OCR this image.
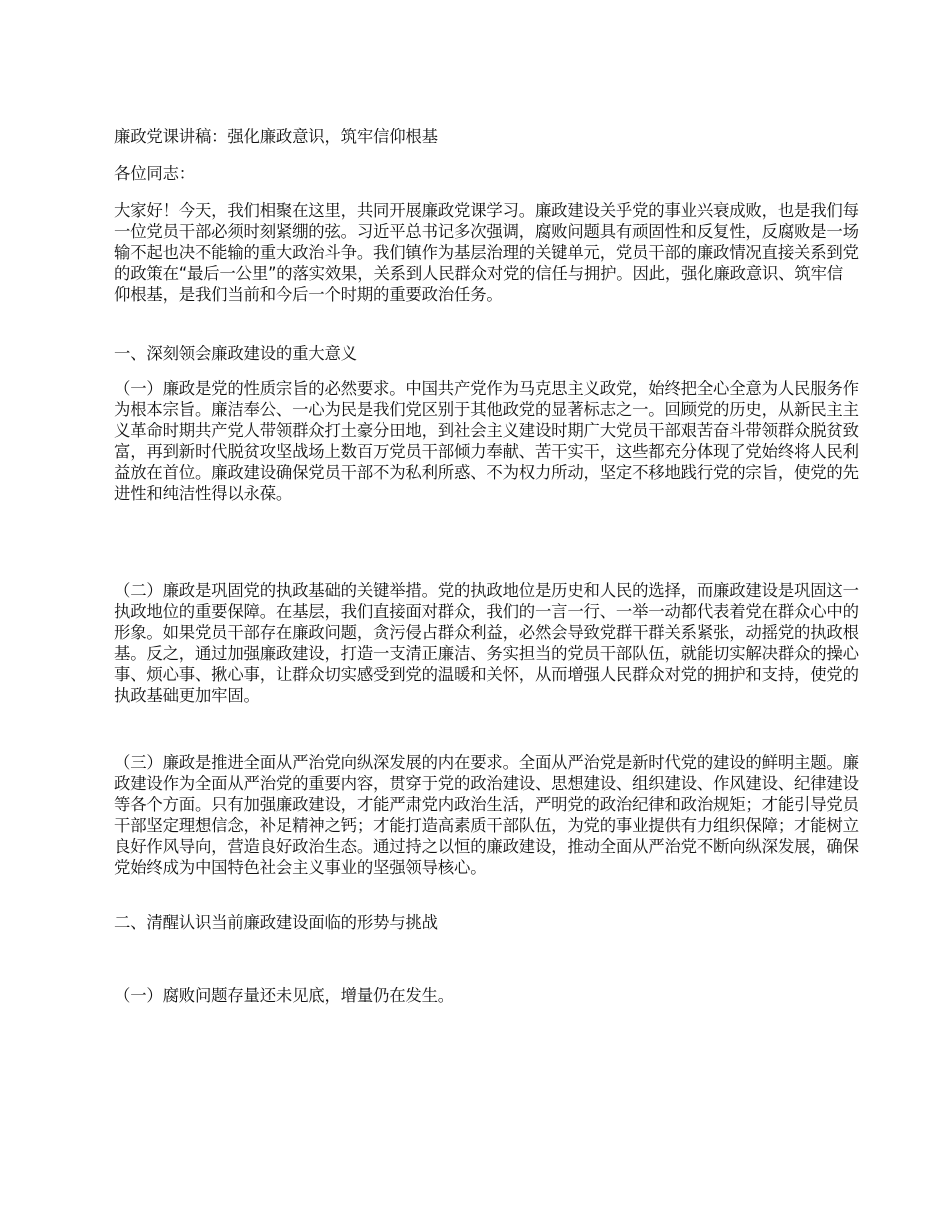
廉政党课讲稿：强化廉政意识，筑牢信仰根基

各位同志：

大家好！今天，我们相聚在这里，共同开展廉政党课学习。廉政建设关乎党的事业兴衰成败，也是我们每一位党员干部必须时刻紧绷的弦。习近平总书记多次强调，腐败问题具有顽固性和反复性，反腐败是一场输不起也决不能输的重大政治斗争。我们镇作为基层治理的关键单元，党员干部的廉政情况直接关系到党的政策在“最后一公里”的落实效果，关系到人民群众对党的信任与拥护。因此，强化廉政意识、筑牢信仰根基，是我们当前和今后一个时期的重要政治任务。

一、深刻领会廉政建设的重大意义

（一）廉政是党的性质宗旨的必然要求。中国共产党作为马克思主义政党，始终把全心全意为人民服务作为根本宗旨。廉洁奉公、一心为民是我们党区别于其他政党的显著标志之一。回顾党的历史，从新民主主义革命时期共产党人带领群众打土豪分田地，到社会主义建设时期广大党员干部艰苦奋斗带领群众脱贫致富，再到新时代脱贫攻坚战场上数百万党员干部倾力奉献、苦干实干，这些都充分体现了党始终将人民利益放在首位。廉政建设确保党员干部不为私利所惑、不为权力所动，坚定不移地践行党的宗旨，使党的先进性和纯洁性得以永葆。

（二）廉政是巩固党的执政基础的关键举措。党的执政地位是历史和人民的选择，而廉政建设是巩固这一执政地位的重要保障。在基层，我们直接面对群众，我们的一言一行、一举一动都代表着党在群众心中的形象。如果党员干部存在廉政问题，贪污侵占群众利益，必然会导致党群干群关系紧张，动摇党的执政根基。反之，通过加强廉政建设，打造一支清正廉洁、务实担当的党员干部队伍，就能切实解决群众的操心事、烦心事、揪心事，让群众切实感受到党的温暖和关怀，从而增强人民群众对党的拥护和支持，使党的执政基础更加牢固。

（三）廉政是推进全面从严治党向纵深发展的内在要求。全面从严治党是新时代党的建设的鲜明主题。廉政建设作为全面从严治党的重要内容，贯穿于党的政治建设、思想建设、组织建设、作风建设、纪律建设等各个方面。只有加强廉政建设，才能严肃党内政治生活，严明党的政治纪律和政治规矩；才能引导党员干部坚定理想信念，补足精神之钙；才能打造高素质干部队伍，为党的事业提供有力组织保障；才能树立良好作风导向，营造良好政治生态。通过持之以恒的廉政建设，推动全面从严治党不断向纵深发展，确保党始终成为中国特色社会主义事业的坚强领导核心。

二、清醒认识当前廉政建设面临的形势与挑战

（一）腐败问题存量还未见底，增量仍在发生。
